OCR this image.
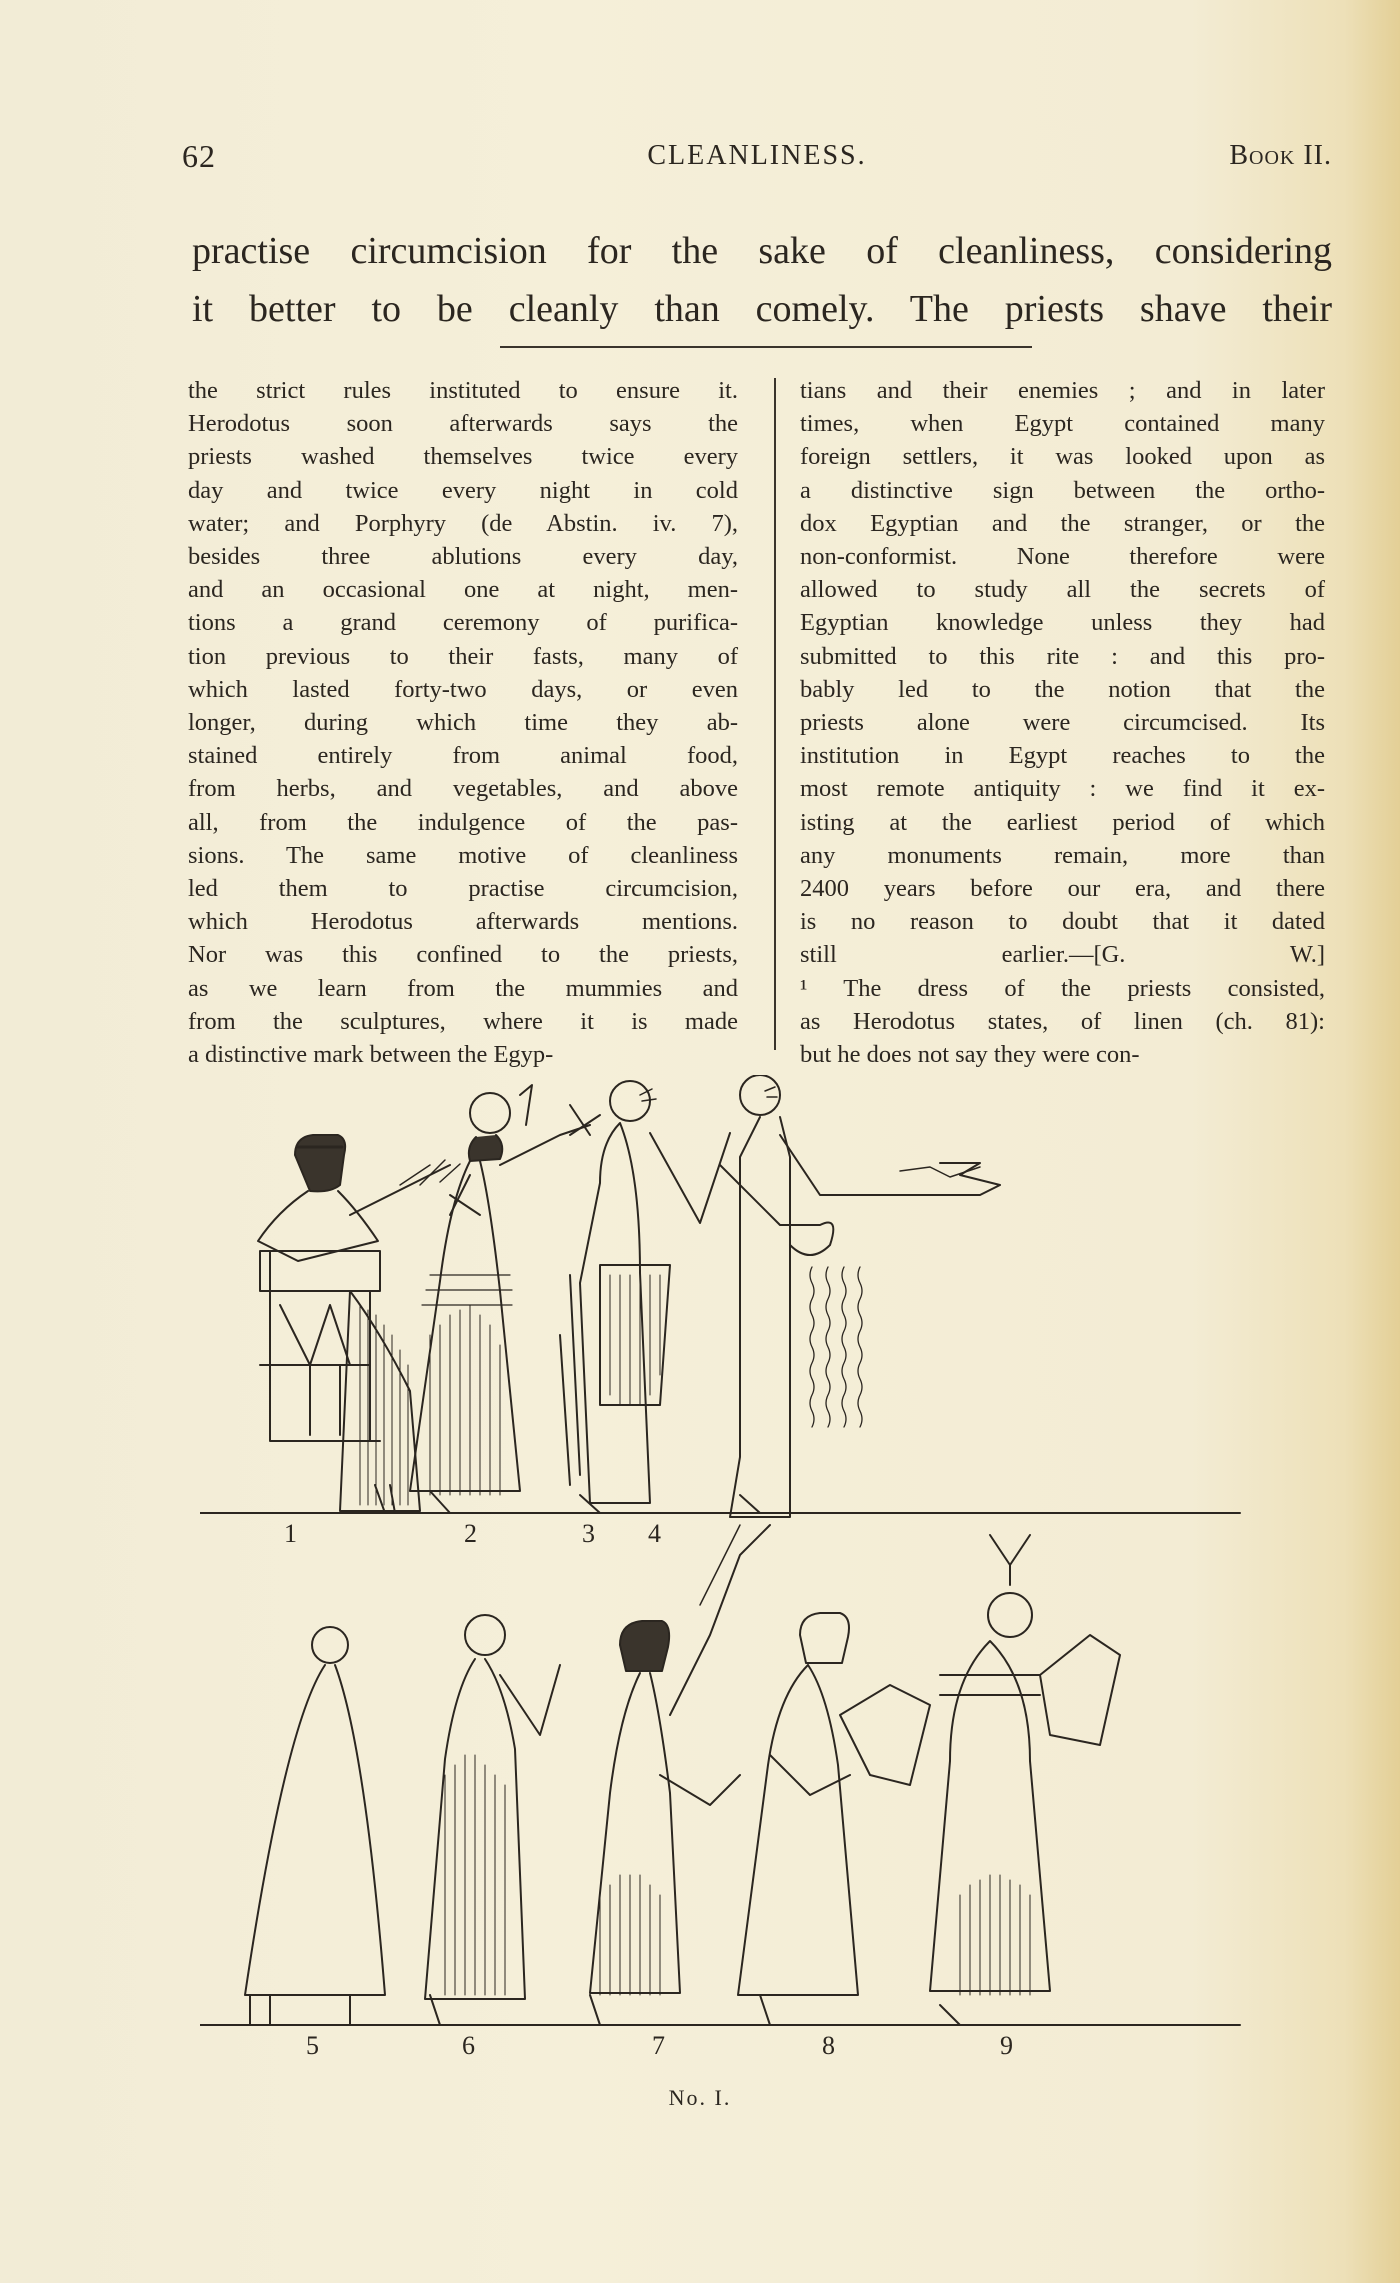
62	CLEANLINESS.	Book II.
practise circumcision for the sake of cleanliness, considering
it better to be cleanly than comely. The priests shave their
the strict rules instituted to ensure it.
Herodotus soon afterwards says the
priests washed themselves twice every
day and twice every night in cold
water; and Porphyry (de Abstin. iv. 7),
besides three ablutions every day,
and an occasional one at night, men-
tions a grand ceremony of purifica-
tion previous to their fasts, many of
which lasted forty-two days, or even
longer, during which time they ab-
stained entirely from animal food,
from herbs, and vegetables, and above
all, from the indulgence of the pas-
sions. The same motive of cleanliness
led them to practise circumcision,
which Herodotus afterwards mentions.
Nor was this confined to the priests,
as we learn from the mummies and
from the sculptures, where it is made
a distinctive mark between the Egyp-
tians and their enemies ; and in later
times, when Egypt contained many
foreign settlers, it was looked upon as
a distinctive sign between the ortho-
dox Egyptian and the stranger, or the
non-conformist. None therefore were
allowed to study all the secrets of
Egyptian knowledge unless they had
submitted to this rite : and this pro-
bably led to the notion that the
priests alone were circumcised. Its
institution in Egypt reaches to the
most remote antiquity : we find it ex-
isting at the earliest period of which
any monuments remain, more than
2400 years before our era, and there
is no reason to doubt that it dated
still earlier.—[G. W.]
¹ The dress of the priests consisted,
as Herodotus states, of linen (ch. 81):
but he does not say they were con-
1	2	3 4
5	6	7	8	9
No. I.
